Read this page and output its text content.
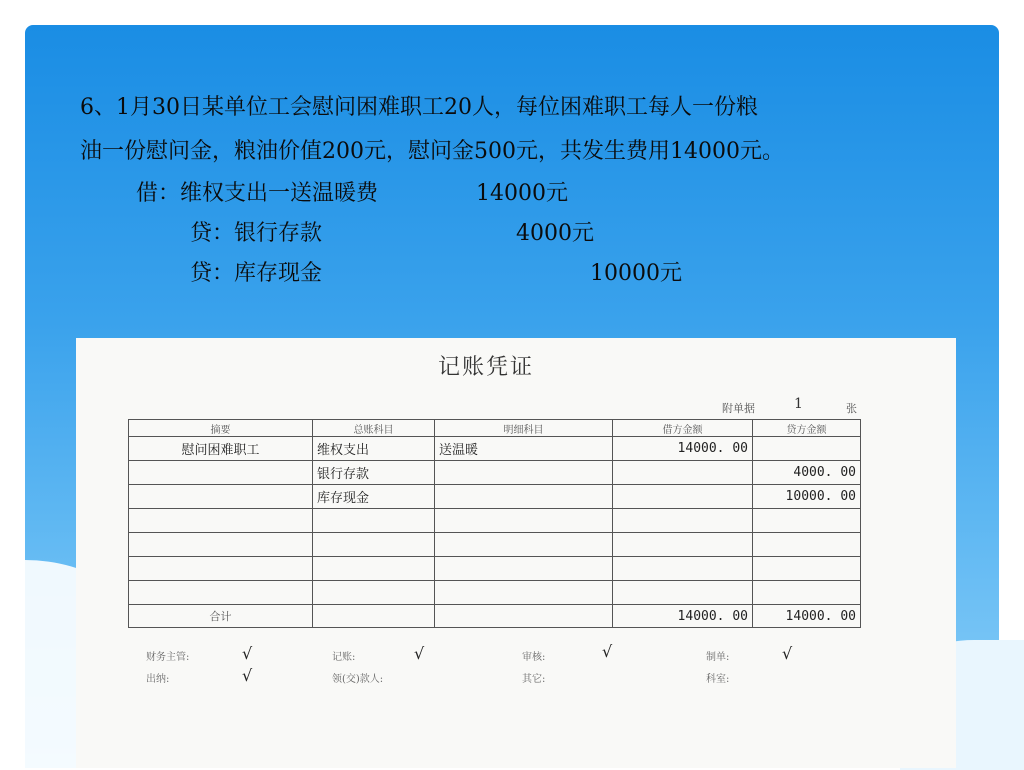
6、1月30日某单位工会慰问困难职工20人，每位困难职工每人一份粮
油一份慰问金，粮油价值200元，慰问金500元，共发生费用14000元。
借：维权支出一送温暖费	14000元
贷：银行存款	4000元
贷：库存现金	10000元
记账凭证
附单据	1	张
摘要	总账科目	明细科目	借方金额	贷方金额
慰问困难职工	维权支出	送温暖	14000. 00	
	银行存款			4000. 00
	库存现金			10000. 00

合计			14000. 00	14000. 00
财务主管:	√	记账:	√	审核:	√	制单:	√
出纳:	√	领(交)款人:	其它:	科室:
